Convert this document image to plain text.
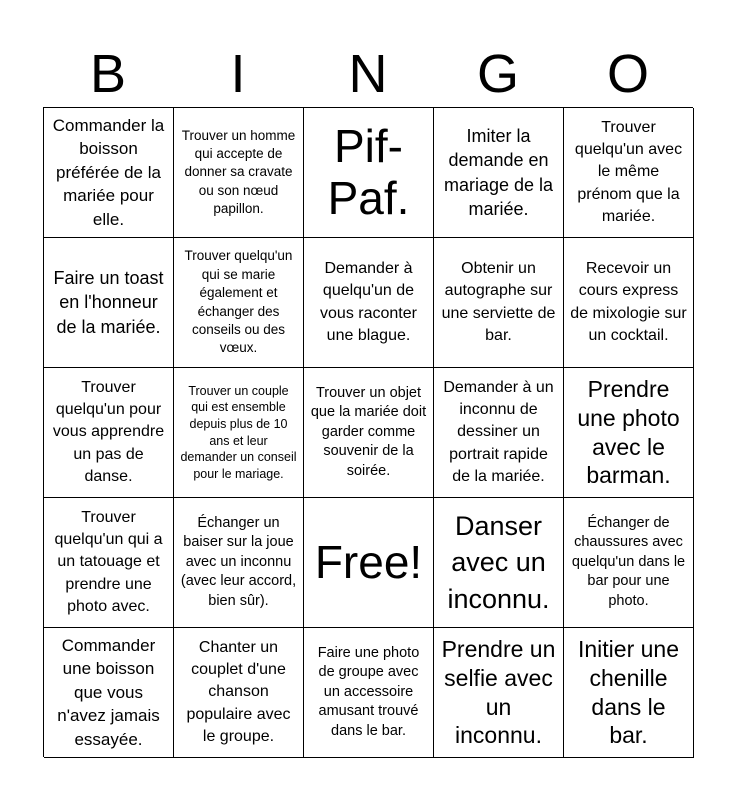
B	I	N	G	O
Commander la boisson préférée de la mariée pour elle.
Trouver un homme qui accepte de donner sa cravate ou son nœud papillon.
Pif-Paf.
Imiter la demande en mariage de la mariée.
Trouver quelqu'un avec le même prénom que la mariée.
Faire un toast en l'honneur de la mariée.
Trouver quelqu'un qui se marie également et échanger des conseils ou des vœux.
Demander à quelqu'un de vous raconter une blague.
Obtenir un autographe sur une serviette de bar.
Recevoir un cours express de mixologie sur un cocktail.
Trouver quelqu'un pour vous apprendre un pas de danse.
Trouver un couple qui est ensemble depuis plus de 10 ans et leur demander un conseil pour le mariage.
Trouver un objet que la mariée doit garder comme souvenir de la soirée.
Demander à un inconnu de dessiner un portrait rapide de la mariée.
Prendre une photo avec le barman.
Trouver quelqu'un qui a un tatouage et prendre une photo avec.
Échanger un baiser sur la joue avec un inconnu (avec leur accord, bien sûr).
Free!
Danser avec un inconnu.
Échanger de chaussures avec quelqu'un dans le bar pour une photo.
Commander une boisson que vous n'avez jamais essayée.
Chanter un couplet d'une chanson populaire avec le groupe.
Faire une photo de groupe avec un accessoire amusant trouvé dans le bar.
Prendre un selfie avec un inconnu.
Initier une chenille dans le bar.
